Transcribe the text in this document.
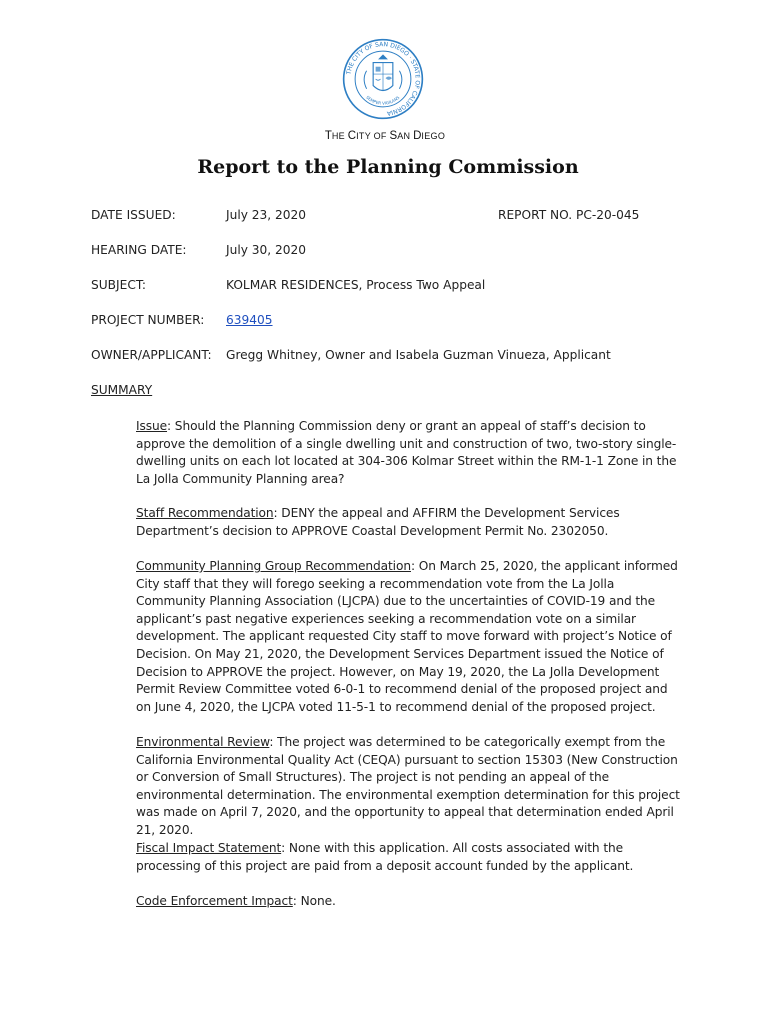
THE CITY OF SAN DIEGO · STATE OF CALIFORNIA
SEMPER VIGILANS
THE CITY OF SAN DIEGO
Report to the Planning Commission
DATE ISSUED:	July 23, 2020	REPORT NO. PC-20-045
HEARING DATE:	July 30, 2020
SUBJECT:	KOLMAR RESIDENCES, Process Two Appeal
PROJECT NUMBER: 639405
OWNER/APPLICANT: Gregg Whitney, Owner and Isabela Guzman Vinueza, Applicant
SUMMARY

Issue: Should the Planning Commission deny or grant an appeal of staff’s decision to approve the demolition of a single dwelling unit and construction of two, two-story single-dwelling units on each lot located at 304-306 Kolmar Street within the RM-1-1 Zone in the La Jolla Community Planning area?

Staff Recommendation: DENY the appeal and AFFIRM the Development Services Department’s decision to APPROVE Coastal Development Permit No. 2302050.

Community Planning Group Recommendation: On March 25, 2020, the applicant informed City staff that they will forego seeking a recommendation vote from the La Jolla Community Planning Association (LJCPA) due to the uncertainties of COVID-19 and the applicant’s past negative experiences seeking a recommendation vote on a similar development. The applicant requested City staff to move forward with project’s Notice of Decision. On May 21, 2020, the Development Services Department issued the Notice of Decision to APPROVE the project. However, on May 19, 2020, the La Jolla Development Permit Review Committee voted 6-0-1 to recommend denial of the proposed project and on June 4, 2020, the LJCPA voted 11-5-1 to recommend denial of the proposed project.

Environmental Review: The project was determined to be categorically exempt from the California Environmental Quality Act (CEQA) pursuant to section 15303 (New Construction or Conversion of Small Structures). The project is not pending an appeal of the environmental determination. The environmental exemption determination for this project was made on April 7, 2020, and the opportunity to appeal that determination ended April 21, 2020.

Fiscal Impact Statement: None with this application. All costs associated with the processing of this project are paid from a deposit account funded by the applicant.

Code Enforcement Impact: None.
